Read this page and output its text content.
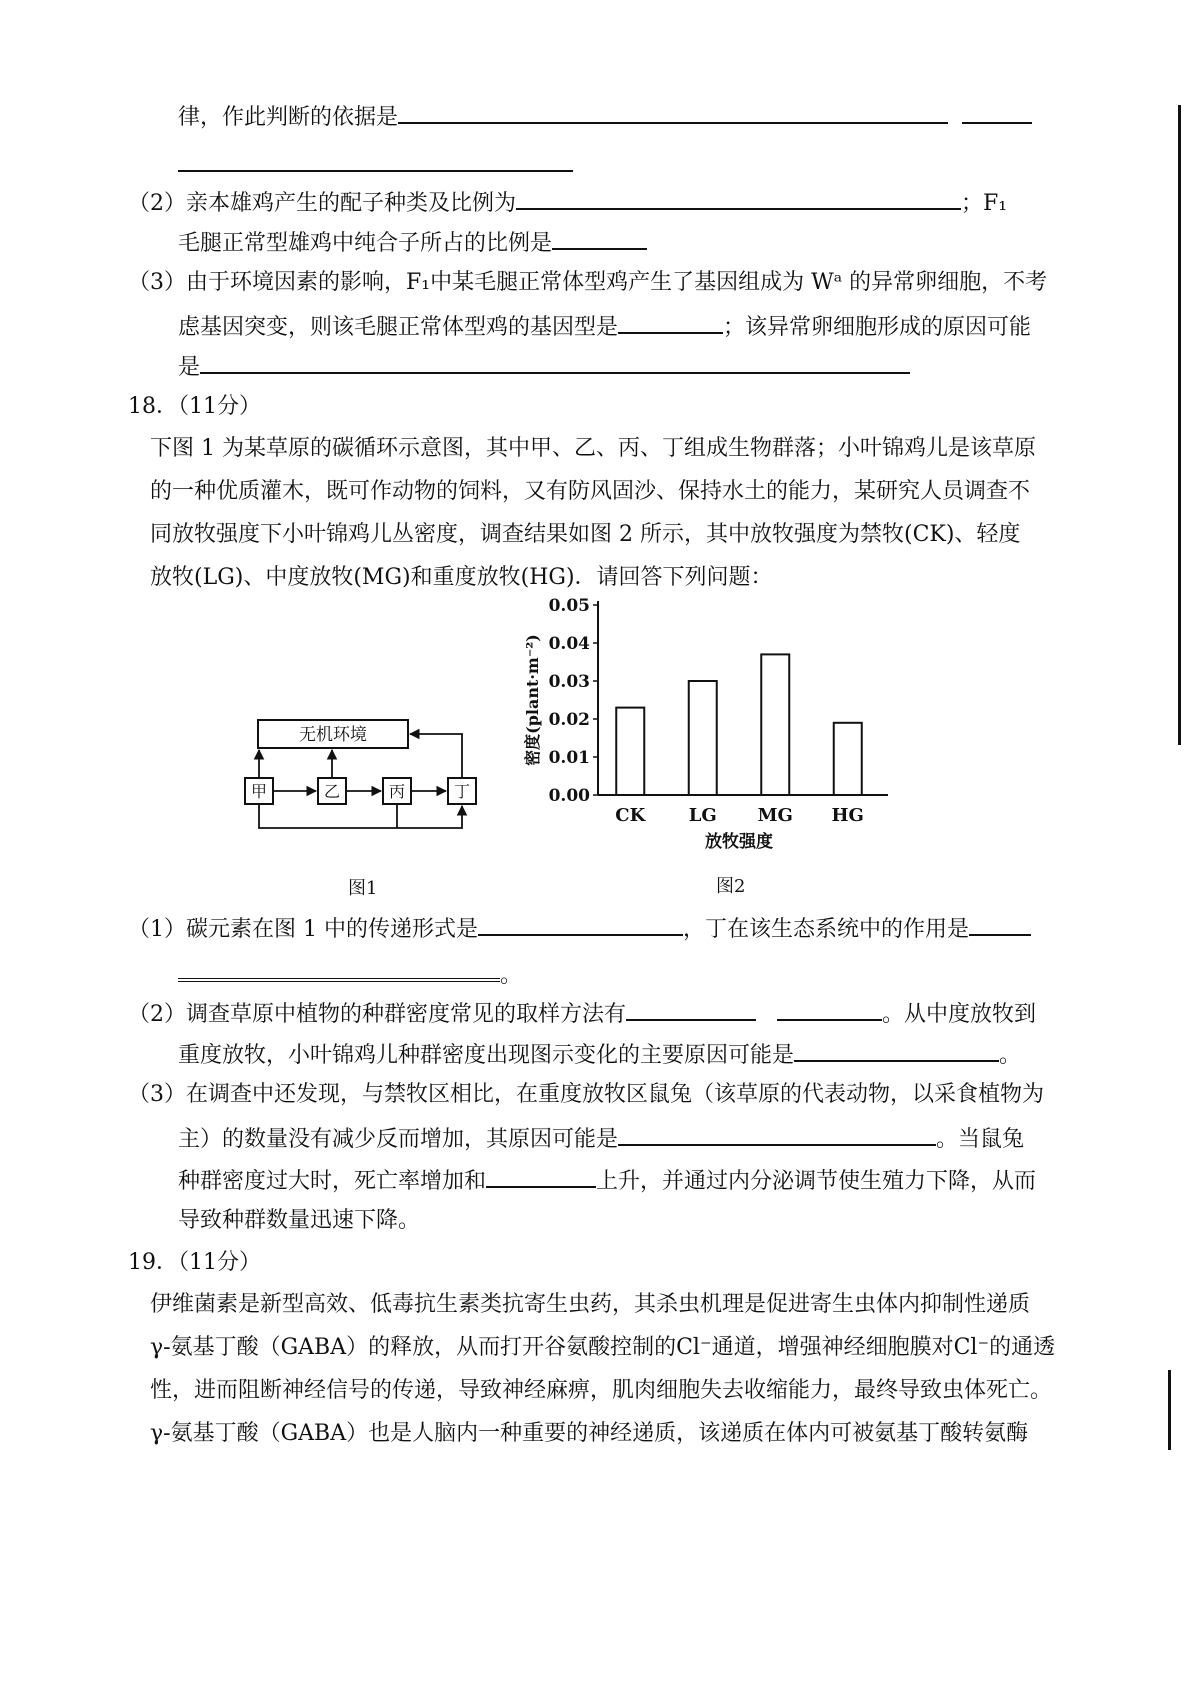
律，作此判断的依据是
（2）亲本雄鸡产生的配子种类及比例为	；F₁
毛腿正常型雄鸡中纯合子所占的比例是
（3）由于环境因素的影响，F₁中某毛腿正常体型鸡产生了基因组成为 Wᵃ 的异常卵细胞，不考
虑基因突变，则该毛腿正常体型鸡的基因型是	；该异常卵细胞形成的原因可能
是
18．（11分）
下图 1 为某草原的碳循环示意图，其中甲、乙、丙、丁组成生物群落；小叶锦鸡儿是该草原
的一种优质灌木，既可作动物的饲料，又有防风固沙、保持水土的能力，某研究人员调查不
同放牧强度下小叶锦鸡儿丛密度，调查结果如图 2 所示，其中放牧强度为禁牧(CK)、轻度
放牧(LG)、中度放牧(MG)和重度放牧(HG)．请回答下列问题：
无机环境
甲	乙	丙	丁
图1
0.00
0.01
0.02
0.03
0.04
0.05
CK LG MG HG
密度(plant·m⁻²)
放牧强度
图2
（1）碳元素在图 1 中的传递形式是	，丁在该生态系统中的作用是
。
（2）调查草原中植物的种群密度常见的取样方法有	。从中度放牧到
重度放牧，小叶锦鸡儿种群密度出现图示变化的主要原因可能是	。
（3）在调查中还发现，与禁牧区相比，在重度放牧区鼠兔（该草原的代表动物，以采食植物为
主）的数量没有减少反而增加，其原因可能是	。当鼠兔
种群密度过大时，死亡率增加和	上升，并通过内分泌调节使生殖力下降，从而
导致种群数量迅速下降。
19．（11分）
伊维菌素是新型高效、低毒抗生素类抗寄生虫药，其杀虫机理是促进寄生虫体内抑制性递质
γ-氨基丁酸（GABA）的释放，从而打开谷氨酸控制的Cl⁻通道，增强神经细胞膜对Cl⁻的通透
性，进而阻断神经信号的传递，导致神经麻痹，肌肉细胞失去收缩能力，最终导致虫体死亡。
γ-氨基丁酸（GABA）也是人脑内一种重要的神经递质，该递质在体内可被氨基丁酸转氨酶
